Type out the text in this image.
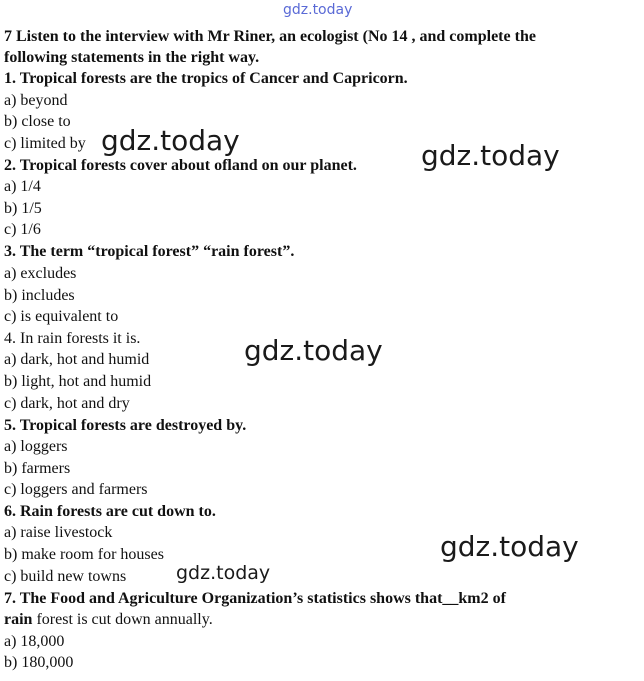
gdz.today
7 Listen to the interview with Mr Riner, an ecologist (No 14 , and complete the
following statements in the right way.
1. Tropical forests are the tropics of Cancer and Capricorn.
a) beyond
b) close to
c) limited by
2. Tropical forests cover about ofland on our planet.
a) 1/4
b) 1/5
c) 1/6
3. The term “tropical forest” “rain forest”.
a) excludes
b) includes
c) is equivalent to
4. In rain forests it is.
a) dark, hot and humid
b) light, hot and humid
c) dark, hot and dry
5. Tropical forests are destroyed by.
a) loggers
b) farmers
c) loggers and farmers
6. Rain forests are cut down to.
a) raise livestock
b) make room for houses
c) build new towns
7. The Food and Agriculture Organization’s statistics shows that__km2 of
rain forest is cut down annually.
a) 18,000
b) 180,000
gdz.today	gdz.today
gdz.today
gdz.today
gdz.today
